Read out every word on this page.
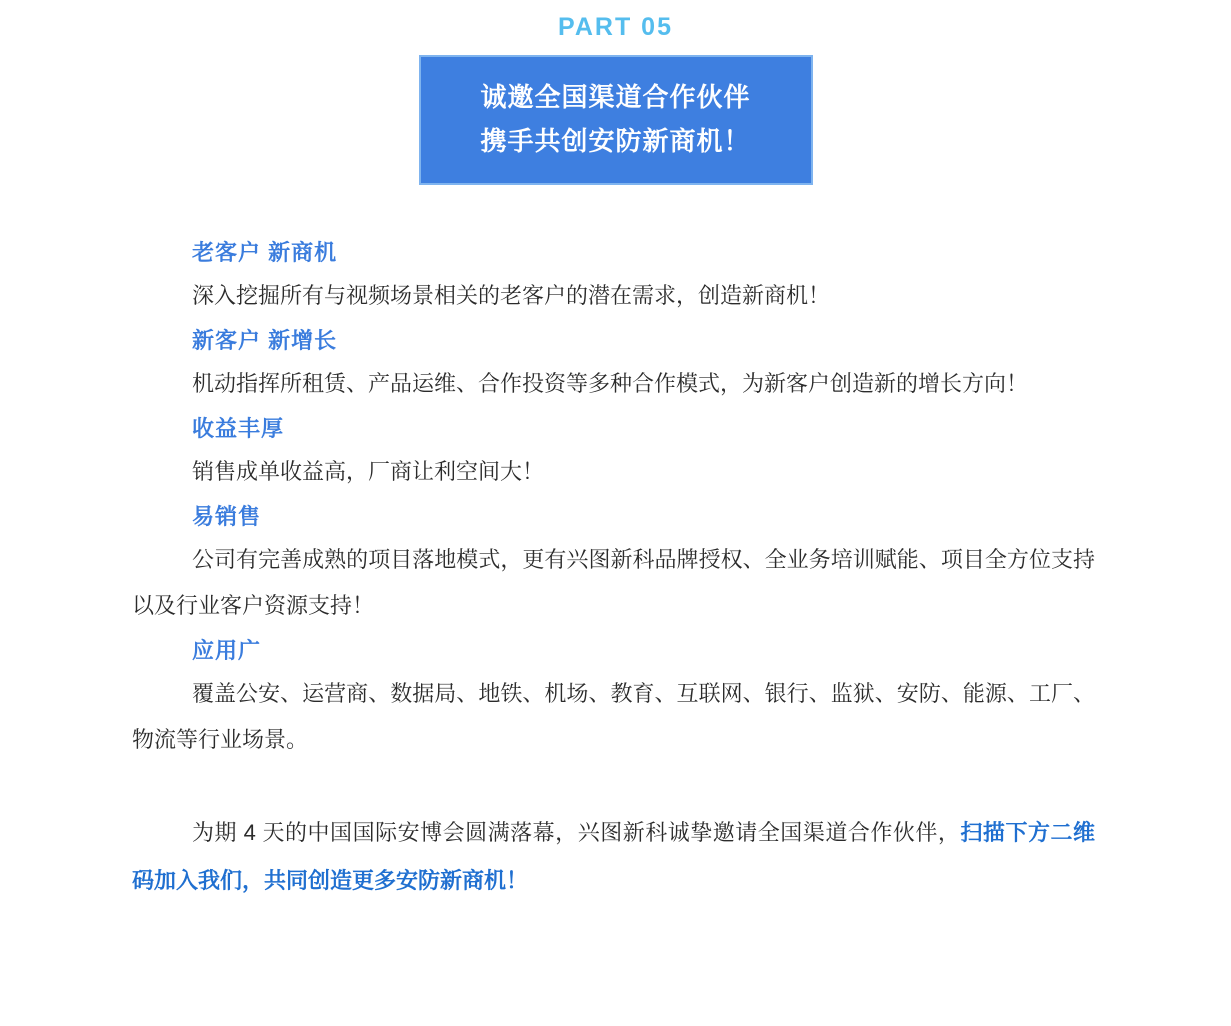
PART 05
诚邀全国渠道合作伙伴
携手共创安防新商机！
老客户 新商机
深入挖掘所有与视频场景相关的老客户的潜在需求，创造新商机！
新客户 新增长
机动指挥所租赁、产品运维、合作投资等多种合作模式，为新客户创造新的增长方向！
收益丰厚
销售成单收益高，厂商让利空间大！
易销售
公司有完善成熟的项目落地模式，更有兴图新科品牌授权、全业务培训赋能、项目全方位支持以及行业客户资源支持！
应用广
覆盖公安、运营商、数据局、地铁、机场、教育、互联网、银行、监狱、安防、能源、工厂、物流等行业场景。
为期 4 天的中国国际安博会圆满落幕，兴图新科诚挚邀请全国渠道合作伙伴，扫描下方二维码加入我们，共同创造更多安防新商机！
